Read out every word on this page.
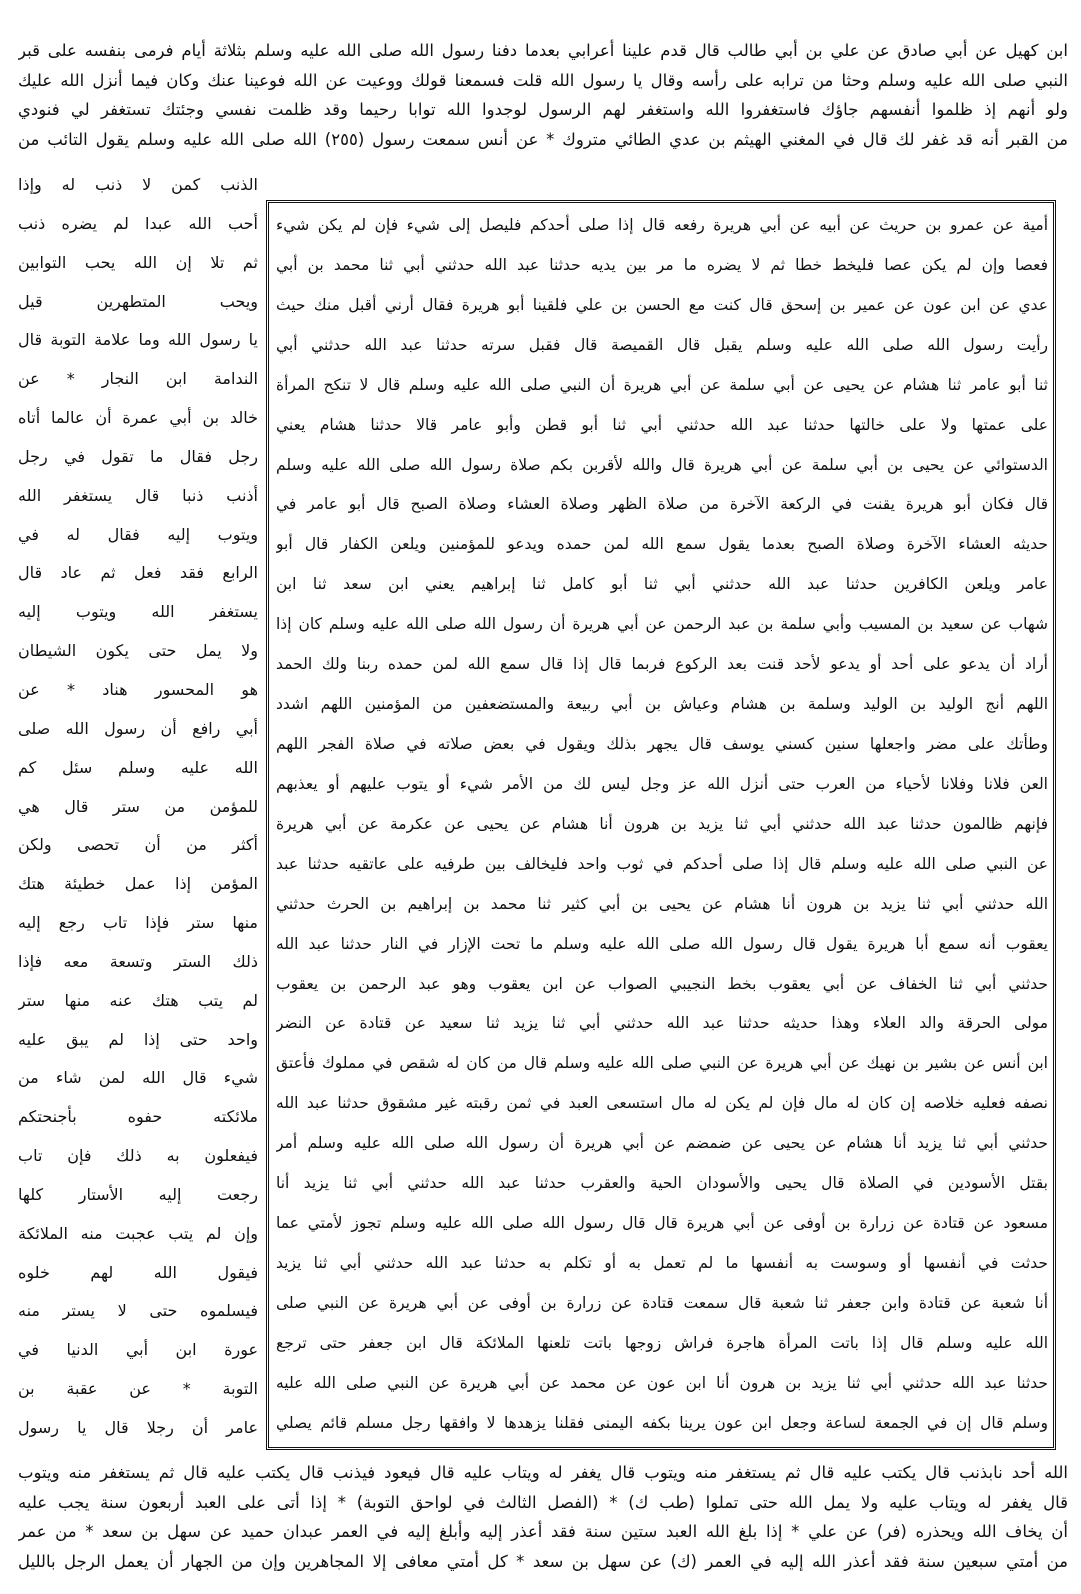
ابن كهيل عن أبي صادق عن علي بن أبي طالب قال قدم علينا أعرابي بعدما دفنا رسول الله صلى الله عليه وسلم بثلاثة أيام فرمى بنفسه على قبر
النبي صلى الله عليه وسلم وحثا من ترابه على رأسه وقال يا رسول الله قلت فسمعنا قولك ووعيت عن الله فوعينا عنك وكان فيما أنزل الله عليك
ولو أنهم إذ ظلموا أنفسهم جاؤك فاستغفروا الله واستغفر لهم الرسول لوجدوا الله توابا رحيما وقد ظلمت نفسي وجئتك تستغفر لي فنودي
من القبر أنه قد غفر لك قال في المغني الهيثم بن عدي الطائي متروك * عن أنس سمعت رسول (٢٥٥) الله صلى الله عليه وسلم يقول التائب من
أمية عن عمرو بن حريث عن أبيه عن أبي هريرة رفعه قال إذا صلى أحدكم فليصل إلى شيء فإن لم يكن شيء
فعصا وإن لم يكن عصا فليخط خطا ثم لا يضره ما مر بين يديه حدثنا عبد الله حدثني أبي ثنا محمد بن أبي
عدي عن ابن عون عن عمير بن إسحق قال كنت مع الحسن بن علي فلقينا أبو هريرة فقال أرني أقبل منك حيث
رأيت رسول الله صلى الله عليه وسلم يقبل قال القميصة قال فقبل سرته حدثنا عبد الله حدثني أبي
ثنا أبو عامر ثنا هشام عن يحيى عن أبي سلمة عن أبي هريرة أن النبي صلى الله عليه وسلم قال لا تنكح المرأة
على عمتها ولا على خالتها حدثنا عبد الله حدثني أبي ثنا أبو قطن وأبو عامر قالا حدثنا هشام يعني
الدستوائي عن يحيى بن أبي سلمة عن أبي هريرة قال والله لأقربن بكم صلاة رسول الله صلى الله عليه وسلم
قال فكان أبو هريرة يقنت في الركعة الآخرة من صلاة الظهر وصلاة العشاء وصلاة الصبح قال أبو عامر في
حديثه العشاء الآخرة وصلاة الصبح بعدما يقول سمع الله لمن حمده ويدعو للمؤمنين ويلعن الكفار قال أبو
عامر ويلعن الكافرين حدثنا عبد الله حدثني أبي ثنا أبو كامل ثنا إبراهيم يعني ابن سعد ثنا ابن
شهاب عن سعيد بن المسيب وأبي سلمة بن عبد الرحمن عن أبي هريرة أن رسول الله صلى الله عليه وسلم كان إذا
أراد أن يدعو على أحد أو يدعو لأحد قنت بعد الركوع فربما قال إذا قال سمع الله لمن حمده ربنا ولك الحمد
اللهم أنج الوليد بن الوليد وسلمة بن هشام وعياش بن أبي ربيعة والمستضعفين من المؤمنين اللهم اشدد
وطأتك على مضر واجعلها سنين كسني يوسف قال يجهر بذلك ويقول في بعض صلاته في صلاة الفجر اللهم
العن فلانا وفلانا لأحياء من العرب حتى أنزل الله عز وجل ليس لك من الأمر شيء أو يتوب عليهم أو يعذبهم
فإنهم ظالمون حدثنا عبد الله حدثني أبي ثنا يزيد بن هرون أنا هشام عن يحيى عن عكرمة عن أبي هريرة
عن النبي صلى الله عليه وسلم قال إذا صلى أحدكم في ثوب واحد فليخالف بين طرفيه على عاتقيه حدثنا عبد
الله حدثني أبي ثنا يزيد بن هرون أنا هشام عن يحيى بن أبي كثير ثنا محمد بن إبراهيم بن الحرث حدثني
يعقوب أنه سمع أبا هريرة يقول قال رسول الله صلى الله عليه وسلم ما تحت الإزار في النار حدثنا عبد الله
حدثني أبي ثنا الخفاف عن أبي يعقوب بخط النجيبي الصواب عن ابن يعقوب وهو عبد الرحمن بن يعقوب
مولى الحرقة والد العلاء وهذا حديثه حدثنا عبد الله حدثني أبي ثنا يزيد ثنا سعيد عن قتادة عن النضر
ابن أنس عن بشير بن نهيك عن أبي هريرة عن النبي صلى الله عليه وسلم قال من كان له شقص في مملوك فأعتق
نصفه فعليه خلاصه إن كان له مال فإن لم يكن له مال استسعى العبد في ثمن رقبته غير مشقوق حدثنا عبد الله
حدثني أبي ثنا يزيد أنا هشام عن يحيى عن ضمضم عن أبي هريرة أن رسول الله صلى الله عليه وسلم أمر
بقتل الأسودين في الصلاة قال يحيى والأسودان الحية والعقرب حدثنا عبد الله حدثني أبي ثنا يزيد أنا
مسعود عن قتادة عن زرارة بن أوفى عن أبي هريرة قال قال رسول الله صلى الله عليه وسلم تجوز لأمتي عما
حدثت في أنفسها أو وسوست به أنفسها ما لم تعمل به أو تكلم به حدثنا عبد الله حدثني أبي ثنا يزيد
أنا شعبة عن قتادة وابن جعفر ثنا شعبة قال سمعت قتادة عن زرارة بن أوفى عن أبي هريرة عن النبي صلى
الله عليه وسلم قال إذا باتت المرأة هاجرة فراش زوجها باتت تلعنها الملائكة قال ابن جعفر حتى ترجع
حدثنا عبد الله حدثني أبي ثنا يزيد بن هرون أنا ابن عون عن محمد عن أبي هريرة عن النبي صلى الله عليه
وسلم قال إن في الجمعة لساعة وجعل ابن عون يرينا بكفه اليمنى فقلنا يزهدها لا وافقها رجل مسلم قائم يصلي
الذنب كمن لا ذنب له وإذا
أحب الله عبدا لم يضره ذنب
ثم تلا إن الله يحب التوابين
ويحب المتطهرين قيل
يا رسول الله وما علامة التوبة قال
الندامة ابن النجار * عن
خالد بن أبي عمرة أن عالما أتاه
رجل فقال ما تقول في رجل
أذنب ذنبا قال يستغفر الله
ويتوب إليه فقال له في
الرابع فقد فعل ثم عاد قال
يستغفر الله ويتوب إليه
ولا يمل حتى يكون الشيطان
هو المحسور هناد * عن
أبي رافع أن رسول الله صلى
الله عليه وسلم سئل كم
للمؤمن من ستر قال هي
أكثر من أن تحصى ولكن
المؤمن إذا عمل خطيئة هتك
منها ستر فإذا تاب رجع إليه
ذلك الستر وتسعة معه فإذا
لم يتب هتك عنه منها ستر
واحد حتى إذا لم يبق عليه
شيء قال الله لمن شاء من
ملائكته حفوه بأجنحتكم
فيفعلون به ذلك فإن تاب
رجعت إليه الأستار كلها
وإن لم يتب عجبت منه الملائكة
فيقول الله لهم خلوه
فيسلموه حتى لا يستر منه
عورة ابن أبي الدنيا في
التوبة * عن عقبة بن
عامر أن رجلا قال يا رسول
الله أحد نابذنب قال يكتب عليه قال ثم يستغفر منه ويتوب قال يغفر له ويتاب عليه قال فيعود فيذنب قال يكتب عليه قال ثم يستغفر منه ويتوب
قال يغفر له ويتاب عليه ولا يمل الله حتى تملوا (طب ك) * (الفصل الثالث في لواحق التوبة) * إذا أتى على العبد أربعون سنة يجب عليه
أن يخاف الله ويحذره (فر) عن علي * إذا بلغ الله العبد ستين سنة فقد أعذر إليه وأبلغ إليه في العمر عبدان حميد عن سهل بن سعد * من عمر
من أمتي سبعين سنة فقد أعذر الله إليه في العمر (ك) عن سهل بن سعد * كل أمتي معافى إلا المجاهرين وإن من الجهار أن يعمل الرجل بالليل
